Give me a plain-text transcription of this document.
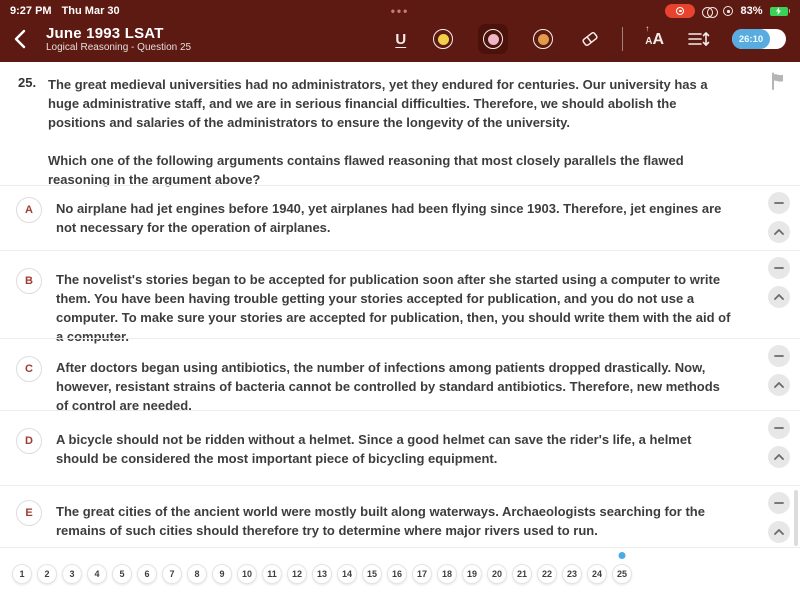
9:27 PM Thu Mar 30	•••	83%
June 1993 LSAT
Logical Reasoning - Question 25	U
↑
A A	26:10
25. The great medieval universities had no administrators, yet they endured for centuries. Our university has a huge administrative staff, and we are in serious financial difficulties. Therefore, we should abolish the positions and salaries of the administrators to ensure the longevity of the university.

Which one of the following arguments contains flawed reasoning that most closely parallels the flawed reasoning in the argument above?

A	No airplane had jet engines before 1940, yet airplanes had been flying since 1903. Therefore, jet engines are not necessary for the operation of airplanes.

B	The novelist's stories began to be accepted for publication soon after she started using a computer to write them. You have been having trouble getting your stories accepted for publication, and you do not use a computer. To make sure your stories are accepted for publication, then, you should write them with the aid of a computer.

C	After doctors began using antibiotics, the number of infections among patients dropped drastically. Now, however, resistant strains of bacteria cannot be controlled by standard antibiotics. Therefore, new methods of control are needed.

D	A bicycle should not be ridden without a helmet. Since a good helmet can save the rider's life, a helmet should be considered the most important piece of bicycling equipment.

E	The great cities of the ancient world were mostly built along waterways. Archaeologists searching for the remains of such cities should therefore try to determine where major rivers used to run.

1	2	3	4	5	6	7	8	9	10	11	12	13	14	15	16	17	18	19	20	21	22	23	24	25
